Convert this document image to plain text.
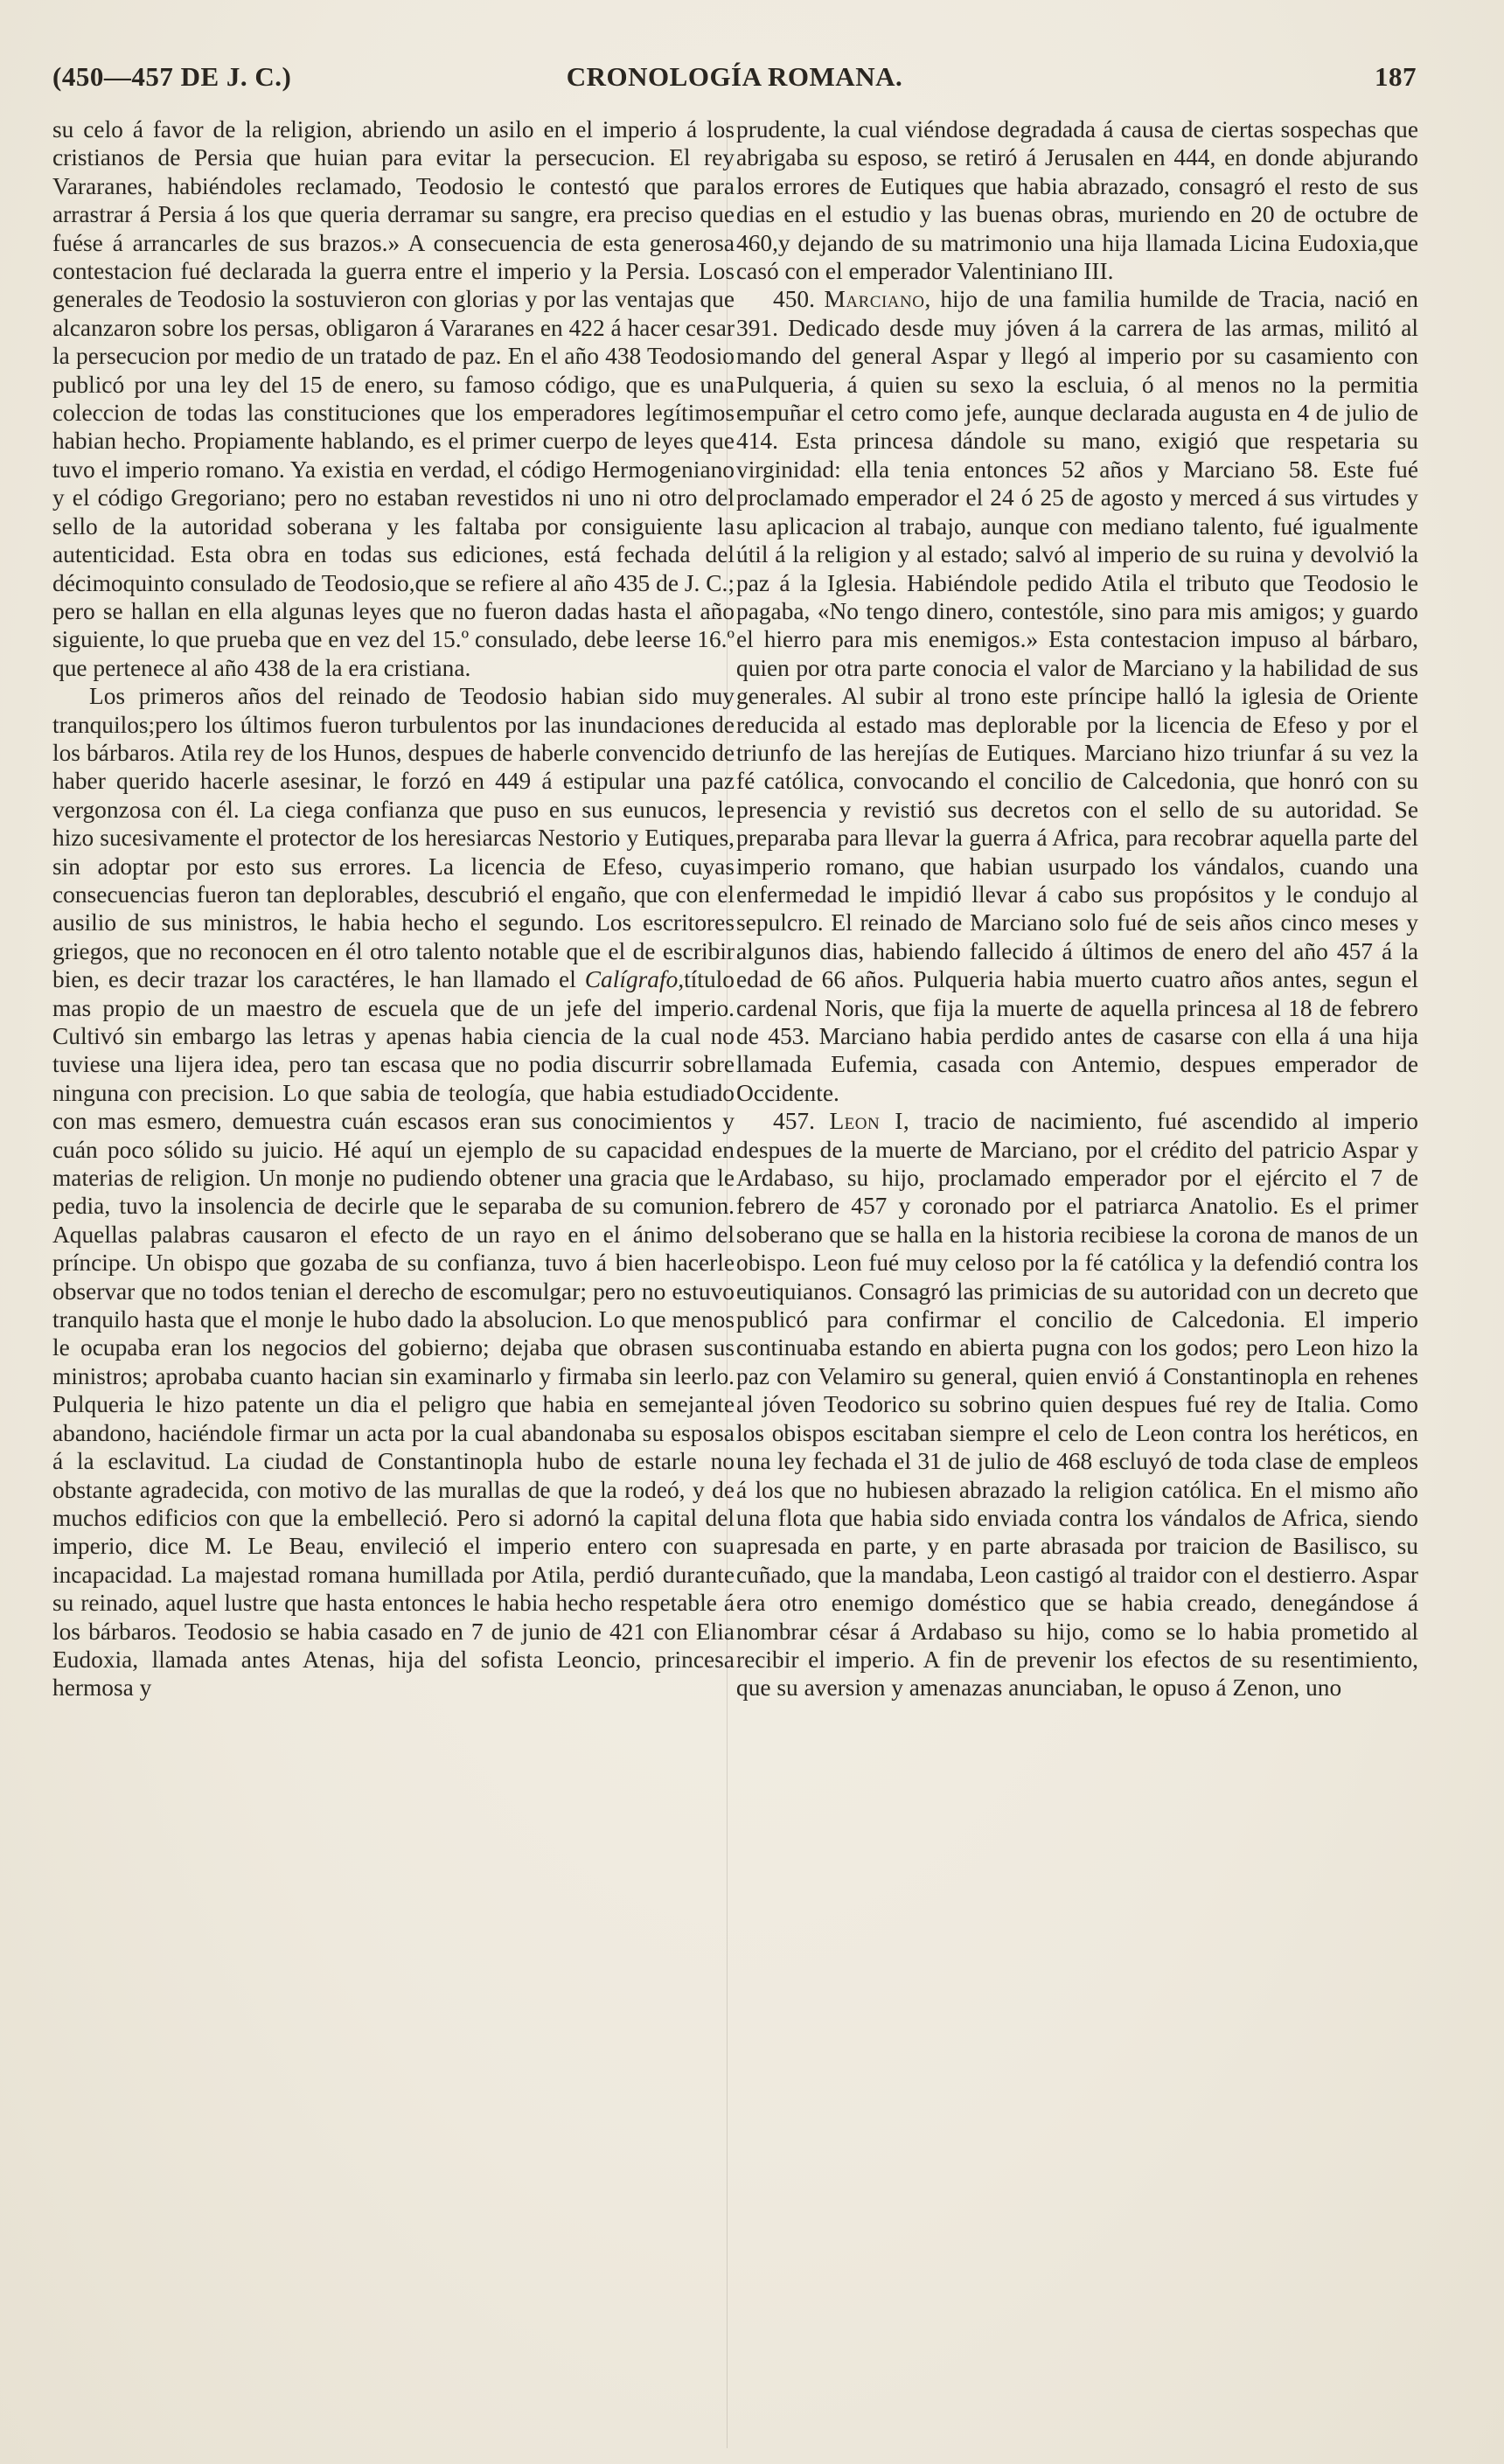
CRONOLOGÍA ROMANA.
(450—457 DE J. C.)	187

su celo á favor de la religion, abriendo un asilo en el imperio á los cristianos de Persia que huian para evitar la persecucion. El rey Vararanes, habiéndoles reclamado, Teodosio le contestó que para arrastrar á Persia á los que queria derramar su sangre, era preciso que fuése á arrancarles de sus brazos.» A consecuencia de esta generosa contestacion fué declarada la guerra entre el imperio y la Persia. Los generales de Teodosio la sostuvieron con glorias y por las ventajas que alcanzaron sobre los persas, obligaron á Vararanes en 422 á hacer cesar la persecucion por medio de un tratado de paz. En el año 438 Teodosio publicó por una ley del 15 de enero, su famoso código, que es una coleccion de todas las constituciones que los emperadores legítimos habian hecho. Propiamente hablando, es el primer cuerpo de leyes que tuvo el imperio romano. Ya existia en verdad, el código Hermogeniano y el código Gregoriano; pero no estaban revestidos ni uno ni otro del sello de la autoridad soberana y les faltaba por consiguiente la autenticidad. Esta obra en todas sus ediciones, está fechada del décimoquinto consulado de Teodosio,que se refiere al año 435 de J. C.; pero se hallan en ella algunas leyes que no fueron dadas hasta el año siguiente, lo que prueba que en vez del 15.º consulado, debe leerse 16.º que pertenece al año 438 de la era cristiana.

Los primeros años del reinado de Teodosio habian sido muy tranquilos;pero los últimos fueron turbulentos por las inundaciones de los bárbaros. Atila rey de los Hunos, despues de haberle convencido de haber querido hacerle asesinar, le forzó en 449 á estipular una paz vergonzosa con él. La ciega confianza que puso en sus eunucos, le hizo sucesivamente el protector de los heresiarcas Nestorio y Eutiques, sin adoptar por esto sus errores. La licencia de Efeso, cuyas consecuencias fueron tan deplorables, descubrió el engaño, que con el ausilio de sus ministros, le habia hecho el segundo. Los escritores griegos, que no reconocen en él otro talento notable que el de escribir bien, es decir trazar los caractéres, le han llamado el Calígrafo,título mas propio de un maestro de escuela que de un jefe del imperio. Cultivó sin embargo las letras y apenas habia ciencia de la cual no tuviese una lijera idea, pero tan escasa que no podia discurrir sobre ninguna con precision. Lo que sabia de teología, que habia estudiado con mas esmero, demuestra cuán escasos eran sus conocimientos y cuán poco sólido su juicio. Hé aquí un ejemplo de su capacidad en materias de religion. Un monje no pudiendo obtener una gracia que le pedia, tuvo la insolencia de decirle que le separaba de su comunion. Aquellas palabras causaron el efecto de un rayo en el ánimo del príncipe. Un obispo que gozaba de su confianza, tuvo á bien hacerle observar que no todos tenian el derecho de escomulgar; pero no estuvo tranquilo hasta que el monje le hubo dado la absolucion. Lo que menos le ocupaba eran los negocios del gobierno; dejaba que obrasen sus ministros; aprobaba cuanto hacian sin examinarlo y firmaba sin leerlo. Pulqueria le hizo patente un dia el peligro que habia en semejante abandono, haciéndole firmar un acta por la cual abandonaba su esposa á la esclavitud. La ciudad de Constantinopla hubo de estarle no obstante agradecida, con motivo de las murallas de que la rodeó, y de muchos edificios con que la embelleció. Pero si adornó la capital del imperio, dice M. Le Beau, envileció el imperio entero con su incapacidad. La majestad romana humillada por Atila, perdió durante su reinado, aquel lustre que hasta entonces le habia hecho respetable á los bárbaros. Teodosio se habia casado en 7 de junio de 421 con Elia Eudoxia, llamada antes Atenas, hija del sofista Leoncio, princesa hermosa y

prudente, la cual viéndose degradada á causa de ciertas sospechas que abrigaba su esposo, se retiró á Jerusalen en 444, en donde abjurando los errores de Eutiques que habia abrazado, consagró el resto de sus dias en el estudio y las buenas obras, muriendo en 20 de octubre de 460,y dejando de su matrimonio una hija llamada Licina Eudoxia,que casó con el emperador Valentiniano III.

450. Marciano, hijo de una familia humilde de Tracia, nació en 391. Dedicado desde muy jóven á la carrera de las armas, militó al mando del general Aspar y llegó al imperio por su casamiento con Pulqueria, á quien su sexo la escluia, ó al menos no la permitia empuñar el cetro como jefe, aunque declarada augusta en 4 de julio de 414. Esta princesa dándole su mano, exigió que respetaria su virginidad: ella tenia entonces 52 años y Marciano 58. Este fué proclamado emperador el 24 ó 25 de agosto y merced á sus virtudes y su aplicacion al trabajo, aunque con mediano talento, fué igualmente útil á la religion y al estado; salvó al imperio de su ruina y devolvió la paz á la Iglesia. Habiéndole pedido Atila el tributo que Teodosio le pagaba, «No tengo dinero, contestóle, sino para mis amigos; y guardo el hierro para mis enemigos.» Esta contestacion impuso al bárbaro, quien por otra parte conocia el valor de Marciano y la habilidad de sus generales. Al subir al trono este príncipe halló la iglesia de Oriente reducida al estado mas deplorable por la licencia de Efeso y por el triunfo de las herejías de Eutiques. Marciano hizo triunfar á su vez la fé católica, convocando el concilio de Calcedonia, que honró con su presencia y revistió sus decretos con el sello de su autoridad. Se preparaba para llevar la guerra á Africa, para recobrar aquella parte del imperio romano, que habian usurpado los vándalos, cuando una enfermedad le impidió llevar á cabo sus propósitos y le condujo al sepulcro. El reinado de Marciano solo fué de seis años cinco meses y algunos dias, habiendo fallecido á últimos de enero del año 457 á la edad de 66 años. Pulqueria habia muerto cuatro años antes, segun el cardenal Noris, que fija la muerte de aquella princesa al 18 de febrero de 453. Marciano habia perdido antes de casarse con ella á una hija llamada Eufemia, casada con Antemio, despues emperador de Occidente.

457. Leon I, tracio de nacimiento, fué ascendido al imperio despues de la muerte de Marciano, por el crédito del patricio Aspar y Ardabaso, su hijo, proclamado emperador por el ejército el 7 de febrero de 457 y coronado por el patriarca Anatolio. Es el primer soberano que se halla en la historia recibiese la corona de manos de un obispo. Leon fué muy celoso por la fé católica y la defendió contra los eutiquianos. Consagró las primicias de su autoridad con un decreto que publicó para confirmar el concilio de Calcedonia. El imperio continuaba estando en abierta pugna con los godos; pero Leon hizo la paz con Velamiro su general, quien envió á Constantinopla en rehenes al jóven Teodorico su sobrino quien despues fué rey de Italia. Como los obispos escitaban siempre el celo de Leon contra los heréticos, en una ley fechada el 31 de julio de 468 escluyó de toda clase de empleos á los que no hubiesen abrazado la religion católica. En el mismo año una flota que habia sido enviada contra los vándalos de Africa, siendo apresada en parte, y en parte abrasada por traicion de Basilisco, su cuñado, que la mandaba, Leon castigó al traidor con el destierro. Aspar era otro enemigo doméstico que se habia creado, denegándose á nombrar césar á Ardabaso su hijo, como se lo habia prometido al recibir el imperio. A fin de prevenir los efectos de su resentimiento, que su aversion y amenazas anunciaban, le opuso á Zenon, uno
